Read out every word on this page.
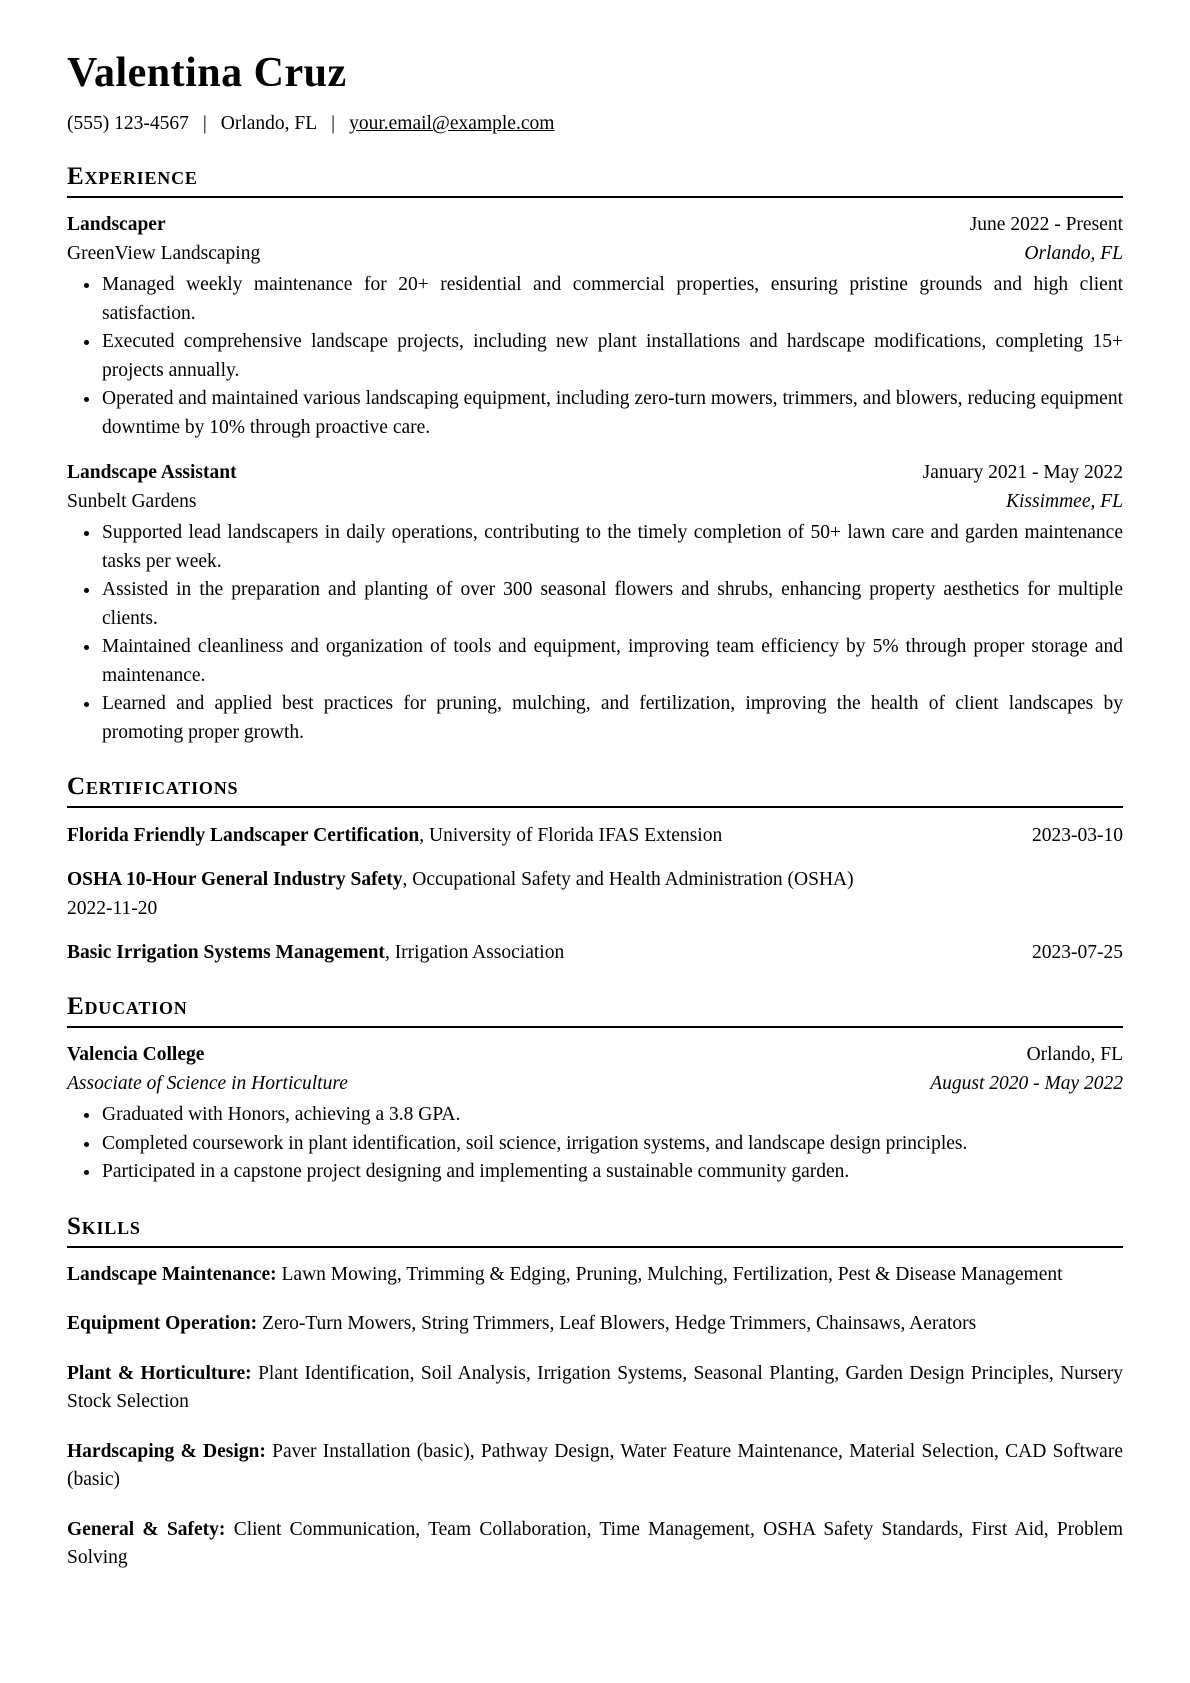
Valentina Cruz
(555) 123-4567 | Orlando, FL | your.email@example.com
Experience
Landscaper	June 2022 - Present
GreenView Landscaping	Orlando, FL
• Managed weekly maintenance for 20+ residential and commercial properties, ensuring pristine grounds and high client satisfaction.
• Executed comprehensive landscape projects, including new plant installations and hardscape modifications, completing 15+ projects annually.
• Operated and maintained various landscaping equipment, including zero-turn mowers, trimmers, and blowers, reducing equipment downtime by 10% through proactive care.
Landscape Assistant	January 2021 - May 2022
Sunbelt Gardens	Kissimmee, FL
• Supported lead landscapers in daily operations, contributing to the timely completion of 50+ lawn care and garden maintenance tasks per week.
• Assisted in the preparation and planting of over 300 seasonal flowers and shrubs, enhancing property aesthetics for multiple clients.
• Maintained cleanliness and organization of tools and equipment, improving team efficiency by 5% through proper storage and maintenance.
• Learned and applied best practices for pruning, mulching, and fertilization, improving the health of client landscapes by promoting proper growth.
Certifications

Florida Friendly Landscaper Certification, University of Florida IFAS Extension	2023-03-10

OSHA 10-Hour General Industry Safety, Occupational Safety and Health Administration (OSHA)
2022-11-20

Basic Irrigation Systems Management, Irrigation Association	2023-07-25

Education
Valencia College	Orlando, FL
Associate of Science in Horticulture	August 2020 - May 2022
• Graduated with Honors, achieving a 3.8 GPA.
• Completed coursework in plant identification, soil science, irrigation systems, and landscape design principles.
• Participated in a capstone project designing and implementing a sustainable community garden.
Skills

Landscape Maintenance: Lawn Mowing, Trimming & Edging, Pruning, Mulching, Fertilization, Pest & Disease Management

Equipment Operation: Zero-Turn Mowers, String Trimmers, Leaf Blowers, Hedge Trimmers, Chainsaws, Aerators

Plant & Horticulture: Plant Identification, Soil Analysis, Irrigation Systems, Seasonal Planting, Garden Design Principles, Nursery Stock Selection

Hardscaping & Design: Paver Installation (basic), Pathway Design, Water Feature Maintenance, Material Selection, CAD Software (basic)

General & Safety: Client Communication, Team Collaboration, Time Management, OSHA Safety Standards, First Aid, Problem Solving
